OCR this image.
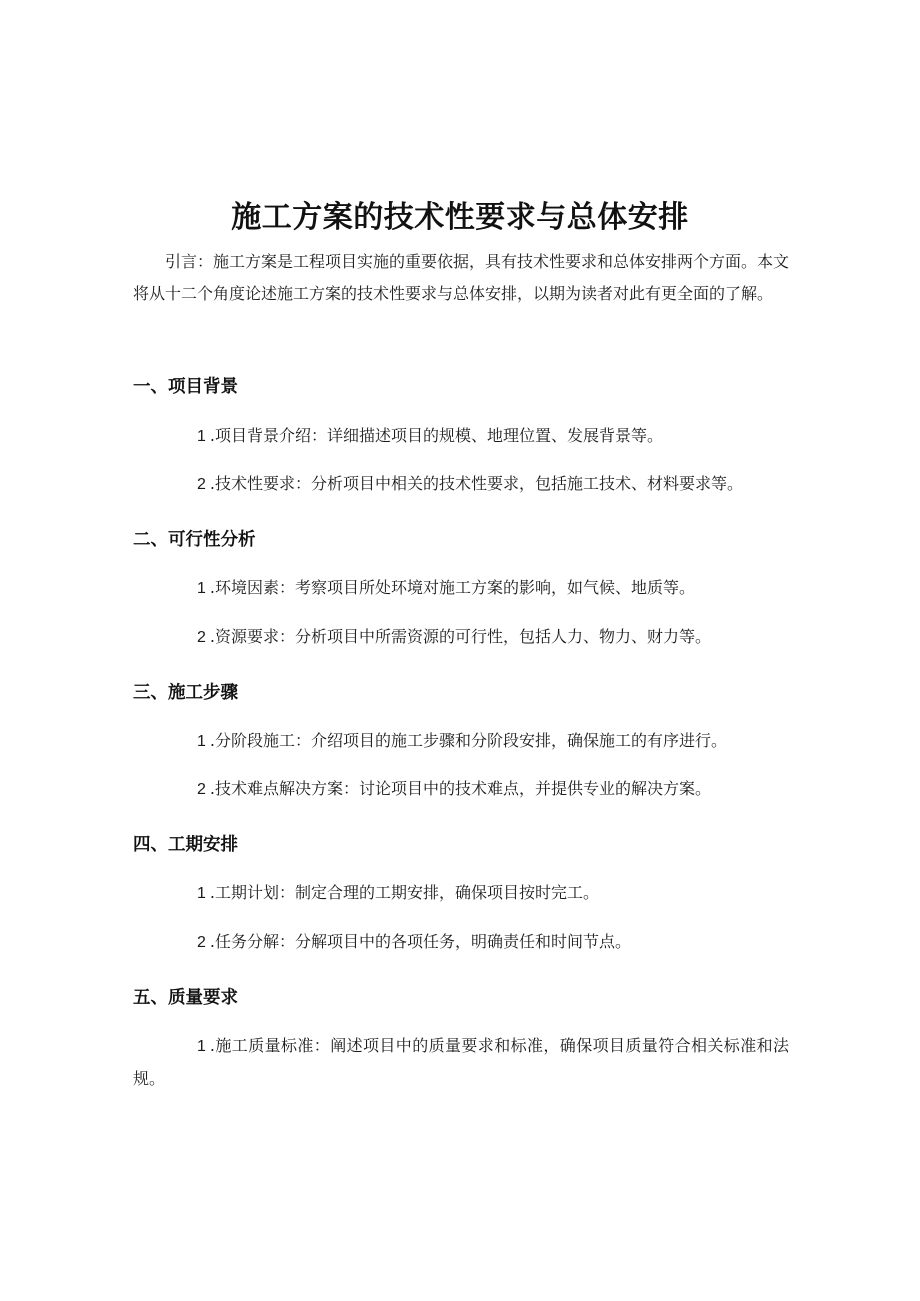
施工方案的技术性要求与总体安排

引言：施工方案是工程项目实施的重要依据，具有技术性要求和总体安排两个方面。本文将从十二个角度论述施工方案的技术性要求与总体安排，以期为读者对此有更全面的了解。

一、项目背景

1 .项目背景介绍：详细描述项目的规模、地理位置、发展背景等。

2 .技术性要求：分析项目中相关的技术性要求，包括施工技术、材料要求等。

二、可行性分析

1 .环境因素：考察项目所处环境对施工方案的影响，如气候、地质等。

2 .资源要求：分析项目中所需资源的可行性，包括人力、物力、财力等。

三、施工步骤

1 .分阶段施工：介绍项目的施工步骤和分阶段安排，确保施工的有序进行。

2 .技术难点解决方案：讨论项目中的技术难点，并提供专业的解决方案。

四、工期安排

1 .工期计划：制定合理的工期安排，确保项目按时完工。

2 .任务分解：分解项目中的各项任务，明确责任和时间节点。

五、质量要求

1 .施工质量标准：阐述项目中的质量要求和标准，确保项目质量符合相关标准和法规。
